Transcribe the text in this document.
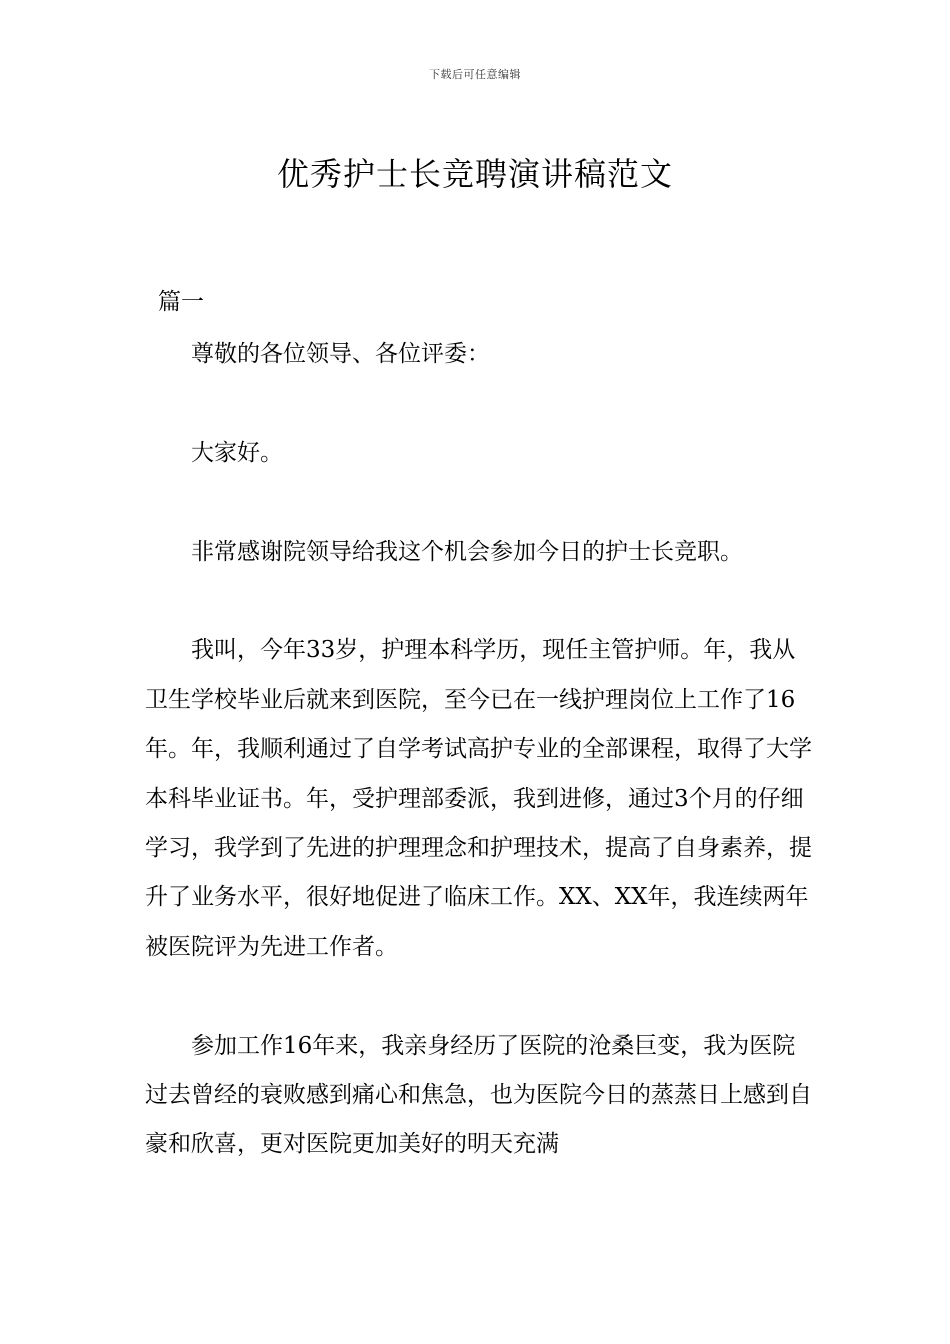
下载后可任意编辑
优秀护士长竞聘演讲稿范文
篇一

尊敬的各位领导、各位评委：

大家好。

非常感谢院领导给我这个机会参加今日的护士长竞职。

我叫，今年33岁，护理本科学历，现任主管护师。年，我从卫生学校毕业后就来到医院，至今已在一线护理岗位上工作了16年。年，我顺利通过了自学考试高护专业的全部课程，取得了大学本科毕业证书。年，受护理部委派，我到进修，通过3个月的仔细学习，我学到了先进的护理理念和护理技术，提高了自身素养，提升了业务水平，很好地促进了临床工作。XX、XX年，我连续两年被医院评为先进工作者。

参加工作16年来，我亲身经历了医院的沧桑巨变，我为医院过去曾经的衰败感到痛心和焦急，也为医院今日的蒸蒸日上感到自豪和欣喜，更对医院更加美好的明天充满
